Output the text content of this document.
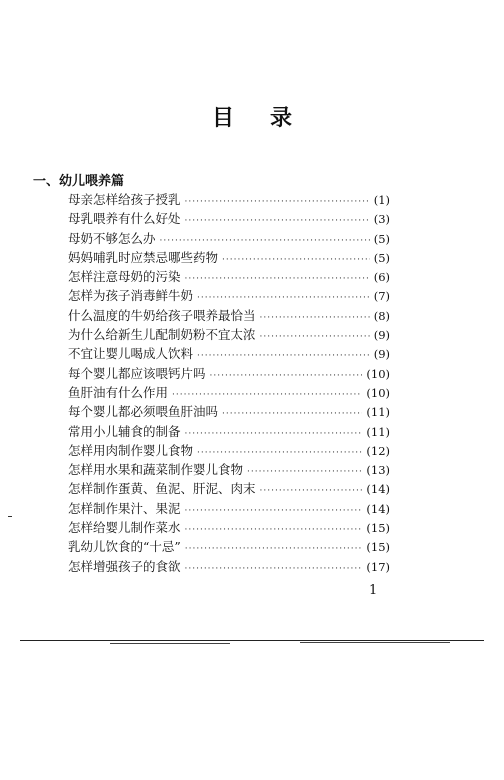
目 录
一、幼儿喂养篇
母亲怎样给孩子授乳 ·····	(1)
母乳喂养有什么好处 ·····	(3)
母奶不够怎么办 ·····	(5)
妈妈哺乳时应禁忌哪些药物 ·····	(5)
怎样注意母奶的污染 ·····	(6)
怎样为孩子消毒鲜牛奶 ·····	(7)
什么温度的牛奶给孩子喂养最恰当 ·····	(8)
为什么给新生儿配制奶粉不宜太浓 ·····	(9)
不宜让婴儿喝成人饮料 ·····	(9)
每个婴儿都应该喂钙片吗 ·····	(10)
鱼肝油有什么作用 ·····	(10)
每个婴儿都必须喂鱼肝油吗 ·····	(11)
常用小儿辅食的制备 ·····	(11)
怎样用肉制作婴儿食物 ·····	(12)
怎样用水果和蔬菜制作婴儿食物 ·····	(13)
怎样制作蛋黄、鱼泥、肝泥、肉末 ·····	(14)
怎样制作果汁、果泥 ·····	(14)
怎样给婴儿制作菜水 ·····	(15)
乳幼儿饮食的“十忌” ·····	(15)
怎样增强孩子的食欲 ·····	(17)
1
